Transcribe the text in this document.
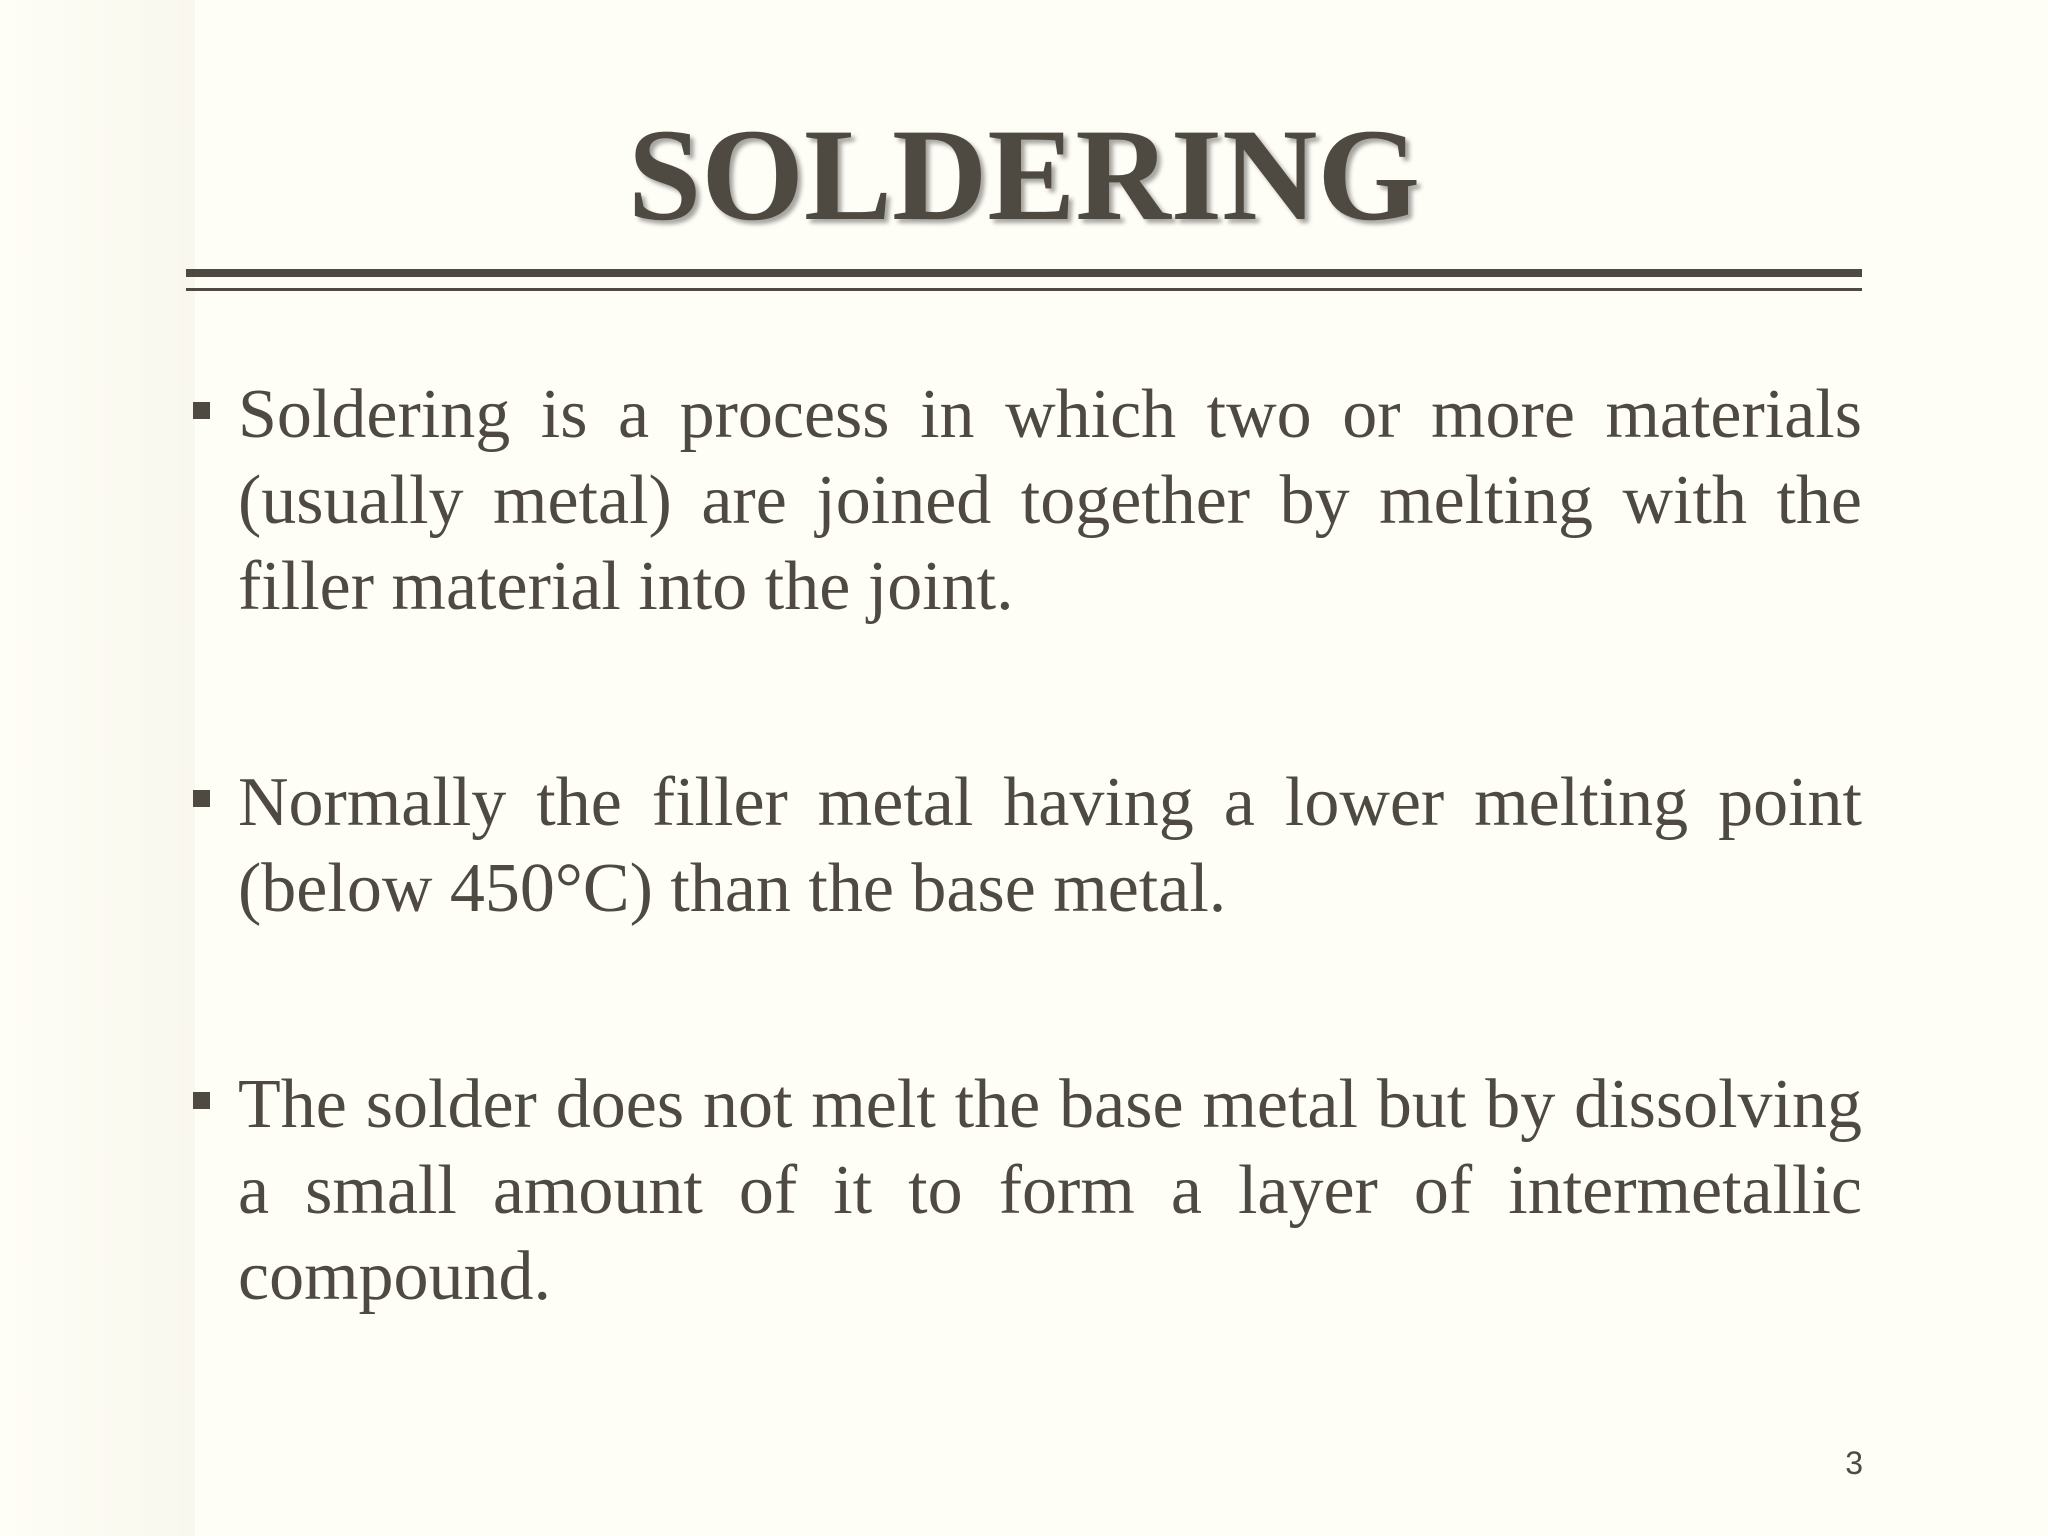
SOLDERING
Soldering is a process in which two or more materials (usually metal) are joined together by melting with the filler material into the joint.
Normally the filler metal having a lower melting point (below 450°C) than the base metal.
The solder does not melt the base metal but by dissolving a small amount of it to form a layer of intermetallic compound.
3
